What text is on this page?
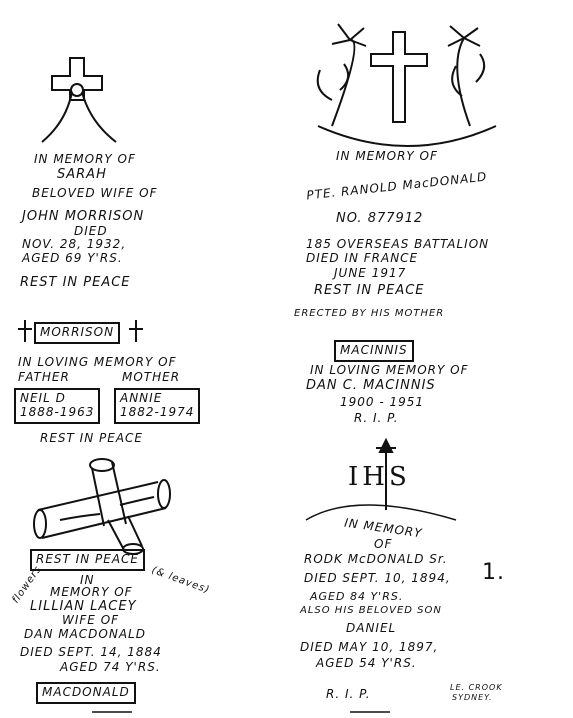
IN MEMORY OF
SARAH
BELOVED WIFE OF
JOHN MORRISON
DIED
NOV. 28, 1932,
AGED 69 Y'RS.
REST IN PEACE
MORRISON
IN LOVING MEMORY OF
FATHER	MOTHER
NEIL D
1888-1963
ANNIE
1882-1974
REST IN PEACE
REST IN PEACE
flowers	(& leaves)
IN
MEMORY OF
LILLIAN LACEY
WIFE OF
DAN MACDONALD
DIED SEPT. 14, 1884
AGED 74 Y'RS.
MACDONALD
IN MEMORY OF
PTE. RANOLD MacDONALD
NO. 877912
185 OVERSEAS BATTALION
DIED IN FRANCE
JUNE 1917
REST IN PEACE
ERECTED BY HIS MOTHER
MACINNIS
IN LOVING MEMORY OF
DAN C. MACINNIS
1900 - 1951
R. I. P.
IHS
IN MEMORY
OF
RODK McDONALD Sr.
DIED SEPT. 10, 1894,
AGED 84 Y'RS.
ALSO HIS BELOVED SON
DANIEL
DIED MAY 10, 1897,
AGED 54 Y'RS.
R. I. P.	LE. CROOK
SYDNEY.
1.
